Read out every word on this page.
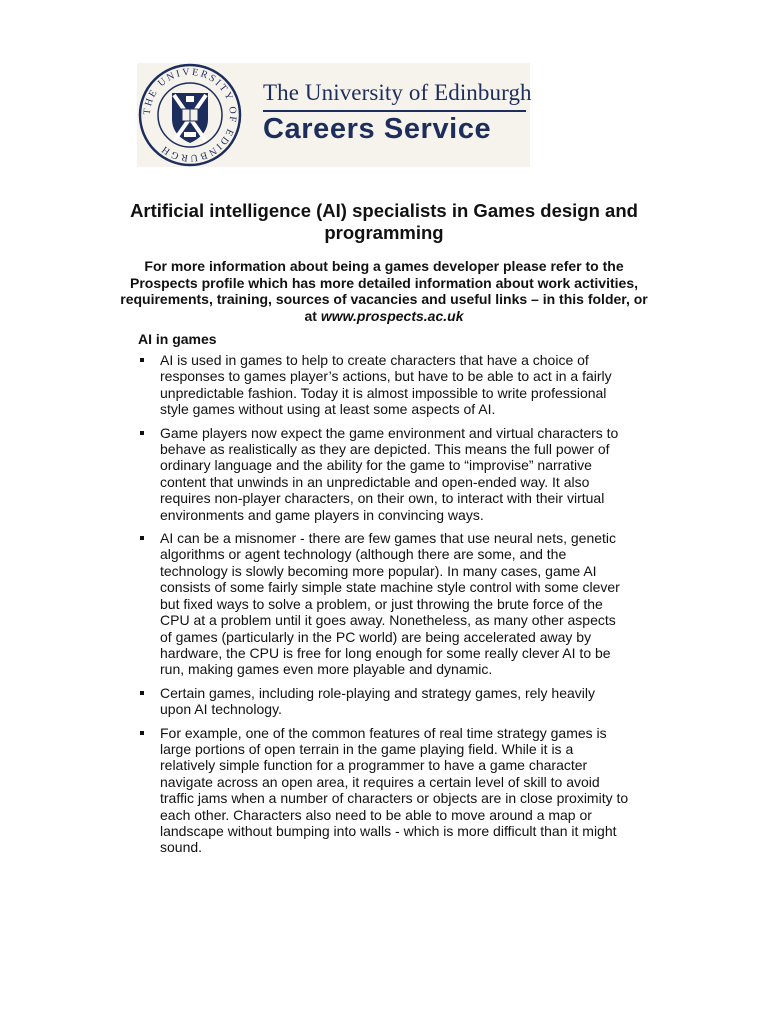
THE UNIVERSITY OF EDINBURGH
The University of Edinburgh
Careers Service
Artificial intelligence (AI) specialists in Games design and programming
For more information about being a games developer please refer to the Prospects profile which has more detailed information about work activities, requirements, training, sources of vacancies and useful links – in this folder, or at www.prospects.ac.uk
AI in games
AI is used in games to help to create characters that have a choice of responses to games player’s actions, but have to be able to act in a fairly unpredictable fashion. Today it is almost impossible to write professional style games without using at least some aspects of AI.
Game players now expect the game environment and virtual characters to behave as realistically as they are depicted. This means the full power of ordinary language and the ability for the game to “improvise” narrative content that unwinds in an unpredictable and open-ended way. It also requires non-player characters, on their own, to interact with their virtual environments and game players in convincing ways.
AI can be a misnomer - there are few games that use neural nets, genetic algorithms or agent technology (although there are some, and the technology is slowly becoming more popular). In many cases, game AI consists of some fairly simple state machine style control with some clever but fixed ways to solve a problem, or just throwing the brute force of the CPU at a problem until it goes away. Nonetheless, as many other aspects of games (particularly in the PC world) are being accelerated away by hardware, the CPU is free for long enough for some really clever AI to be run, making games even more playable and dynamic.
Certain games, including role-playing and strategy games, rely heavily upon AI technology.
For example, one of the common features of real time strategy games is large portions of open terrain in the game playing field. While it is a relatively simple function for a programmer to have a game character navigate across an open area, it requires a certain level of skill to avoid traffic jams when a number of characters or objects are in close proximity to each other. Characters also need to be able to move around a map or landscape without bumping into walls - which is more difficult than it might sound.
